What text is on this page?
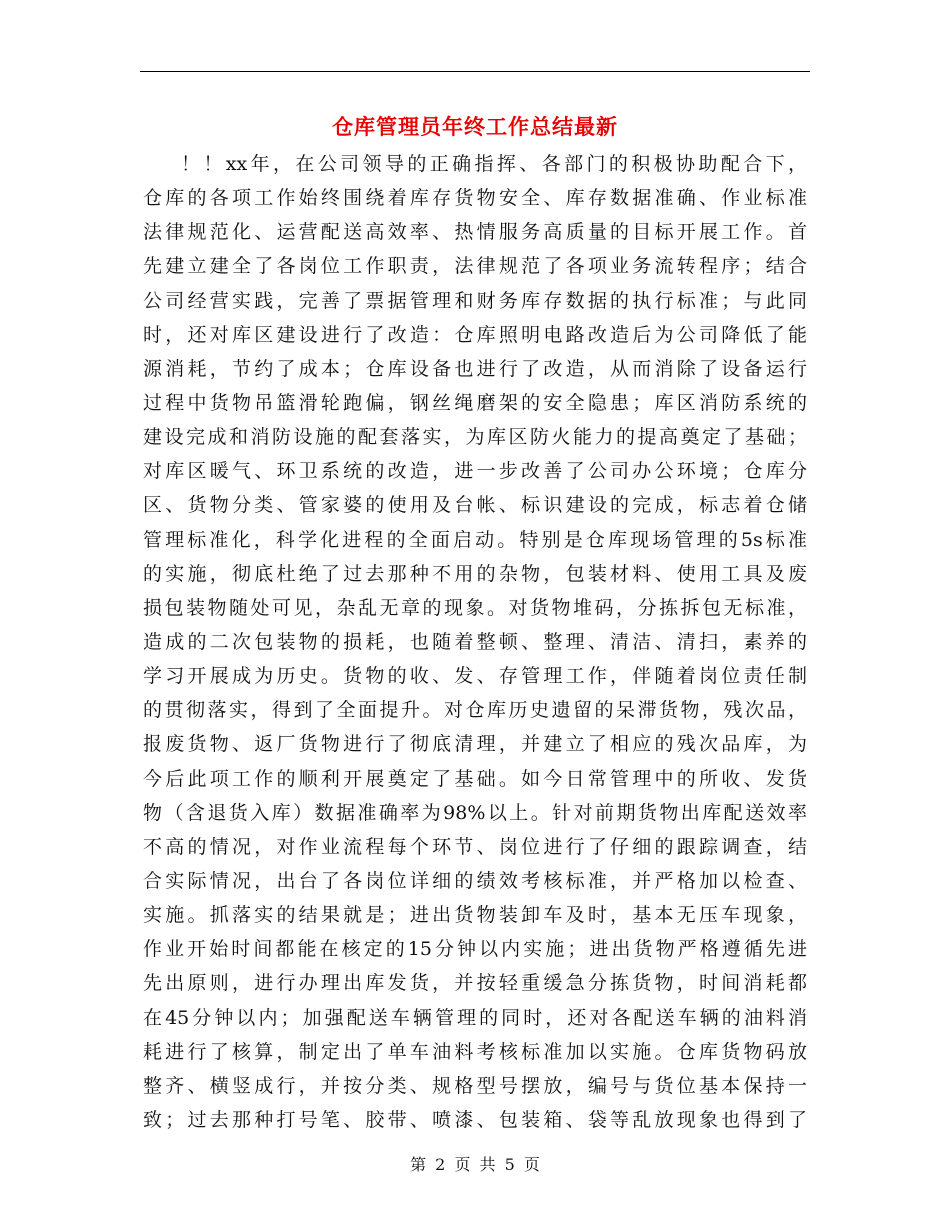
仓库管理员年终工作总结最新
！！xx年，在公司领导的正确指挥、各部门的积极协助配合下，
仓库的各项工作始终围绕着库存货物安全、库存数据准确、作业标准
法律规范化、运营配送高效率、热情服务高质量的目标开展工作。首
先建立建全了各岗位工作职责，法律规范了各项业务流转程序；结合
公司经营实践，完善了票据管理和财务库存数据的执行标准；与此同
时，还对库区建设进行了改造：仓库照明电路改造后为公司降低了能
源消耗，节约了成本；仓库设备也进行了改造，从而消除了设备运行
过程中货物吊篮滑轮跑偏，钢丝绳磨架的安全隐患；库区消防系统的
建设完成和消防设施的配套落实，为库区防火能力的提高奠定了基础；
对库区暖气、环卫系统的改造，进一步改善了公司办公环境；仓库分
区、货物分类、管家婆的使用及台帐、标识建设的完成，标志着仓储
管理标准化，科学化进程的全面启动。特别是仓库现场管理的5s标准
的实施，彻底杜绝了过去那种不用的杂物，包装材料、使用工具及废
损包装物随处可见，杂乱无章的现象。对货物堆码，分拣拆包无标准，
造成的二次包装物的损耗，也随着整顿、整理、清洁、清扫，素养的
学习开展成为历史。货物的收、发、存管理工作，伴随着岗位责任制
的贯彻落实，得到了全面提升。对仓库历史遗留的呆滞货物，残次品，
报废货物、返厂货物进行了彻底清理，并建立了相应的残次品库，为
今后此项工作的顺利开展奠定了基础。如今日常管理中的所收、发货
物（含退货入库）数据准确率为98%以上。针对前期货物出库配送效率
不高的情况，对作业流程每个环节、岗位进行了仔细的跟踪调查，结
合实际情况，出台了各岗位详细的绩效考核标准，并严格加以检查、
实施。抓落实的结果就是；进出货物装卸车及时，基本无压车现象，
作业开始时间都能在核定的15分钟以内实施；进出货物严格遵循先进
先出原则，进行办理出库发货，并按轻重缓急分拣货物，时间消耗都
在45分钟以内；加强配送车辆管理的同时，还对各配送车辆的油料消
耗进行了核算，制定出了单车油料考核标准加以实施。仓库货物码放
整齐、横竖成行，并按分类、规格型号摆放，编号与货位基本保持一
致；过去那种打号笔、胶带、喷漆、包装箱、袋等乱放现象也得到了
第 2 页 共 5 页
